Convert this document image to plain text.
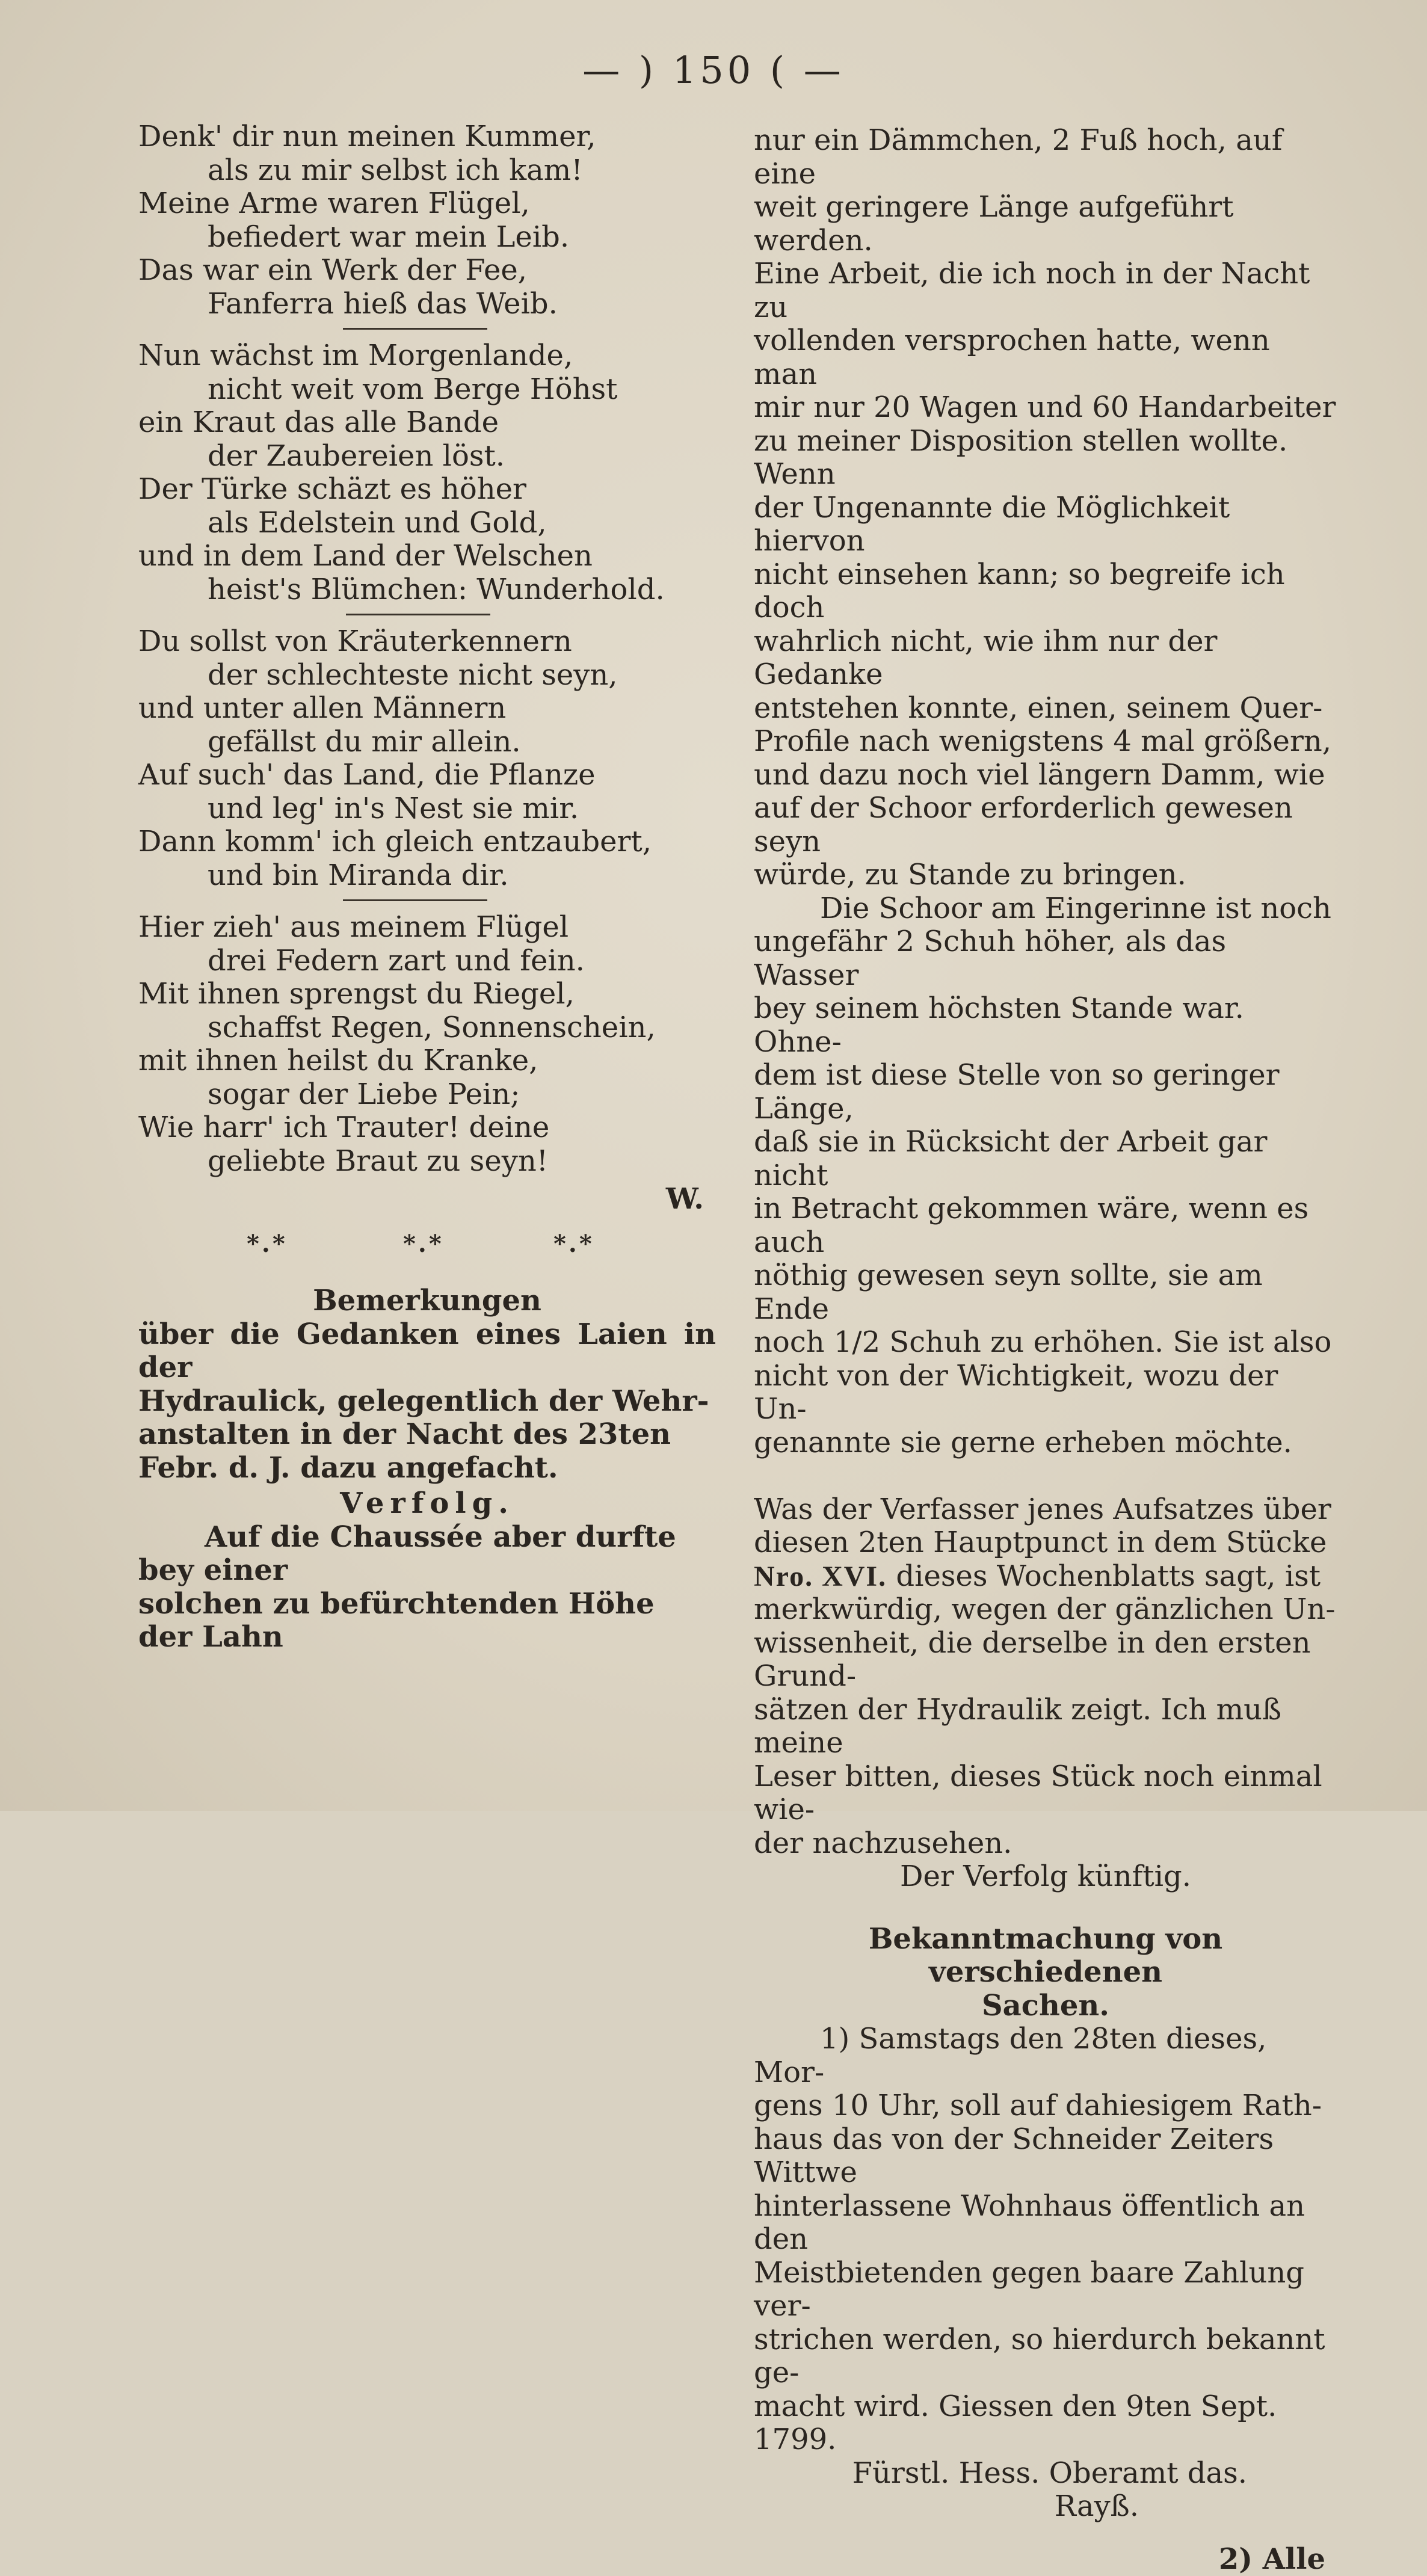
— ) 150 ( —
Denk' dir nun meinen Kummer,
als zu mir selbst ich kam!
Meine Arme waren Flügel,
befiedert war mein Leib.
Das war ein Werk der Fee,
Fanferra hieß das Weib.
Nun wächst im Morgenlande,
nicht weit vom Berge Höhst
ein Kraut das alle Bande
der Zaubereien löst.
Der Türke schäzt es höher
als Edelstein und Gold,
und in dem Land der Welschen
heist's Blümchen: Wunderhold.
Du sollst von Kräuterkennern
der schlechteste nicht seyn,
und unter allen Männern
gefällst du mir allein.
Auf such' das Land, die Pflanze
und leg' in's Nest sie mir.
Dann komm' ich gleich entzaubert,
und bin Miranda dir.
Hier zieh' aus meinem Flügel
drei Federn zart und fein.
Mit ihnen sprengst du Riegel,
schaffst Regen, Sonnenschein,
mit ihnen heilst du Kranke,
sogar der Liebe Pein;
Wie harr' ich Trauter! deine
geliebte Braut zu seyn!
W.
*.*	*.*	*.*
Bemerkungen
über die Gedanken eines Laien in der
Hydraulick, gelegentlich der Wehr-
anstalten in der Nacht des 23ten
Febr. d. J. dazu angefacht.
Verfolg.
Auf die Chaussée aber durfte bey einer
solchen zu befürchtenden Höhe der Lahn
nur ein Dämmchen, 2 Fuß hoch, auf eine
weit geringere Länge aufgeführt werden.
Eine Arbeit, die ich noch in der Nacht zu
vollenden versprochen hatte, wenn man
mir nur 20 Wagen und 60 Handarbeiter
zu meiner Disposition stellen wollte. Wenn
der Ungenannte die Möglichkeit hiervon
nicht einsehen kann; so begreife ich doch
wahrlich nicht, wie ihm nur der Gedanke
entstehen konnte, einen, seinem Quer-
Profile nach wenigstens 4 mal größern,
und dazu noch viel längern Damm, wie
auf der Schoor erforderlich gewesen seyn
würde, zu Stande zu bringen.
Die Schoor am Eingerinne ist noch
ungefähr 2 Schuh höher, als das Wasser
bey seinem höchsten Stande war. Ohne-
dem ist diese Stelle von so geringer Länge,
daß sie in Rücksicht der Arbeit gar nicht
in Betracht gekommen wäre, wenn es auch
nöthig gewesen seyn sollte, sie am Ende
noch 1/2 Schuh zu erhöhen. Sie ist also
nicht von der Wichtigkeit, wozu der Un-
genannte sie gerne erheben möchte.

Was der Verfasser jenes Aufsatzes über
diesen 2ten Hauptpunct in dem Stücke
Nro. XVI. dieses Wochenblatts sagt, ist
merkwürdig, wegen der gänzlichen Un-
wissenheit, die derselbe in den ersten Grund-
sätzen der Hydraulik zeigt. Ich muß meine
Leser bitten, dieses Stück noch einmal wie-
der nachzusehen.

Der Verfolg künftig.
Bekanntmachung von verschiedenen
Sachen.
1) Samstags den 28ten dieses, Mor-
gens 10 Uhr, soll auf dahiesigem Rath-
haus das von der Schneider Zeiters Wittwe
hinterlassene Wohnhaus öffentlich an den
Meistbietenden gegen baare Zahlung ver-
strichen werden, so hierdurch bekannt ge-
macht wird. Giessen den 9ten Sept. 1799.
Fürstl. Hess. Oberamt das.
Rayß.
2) Alle
